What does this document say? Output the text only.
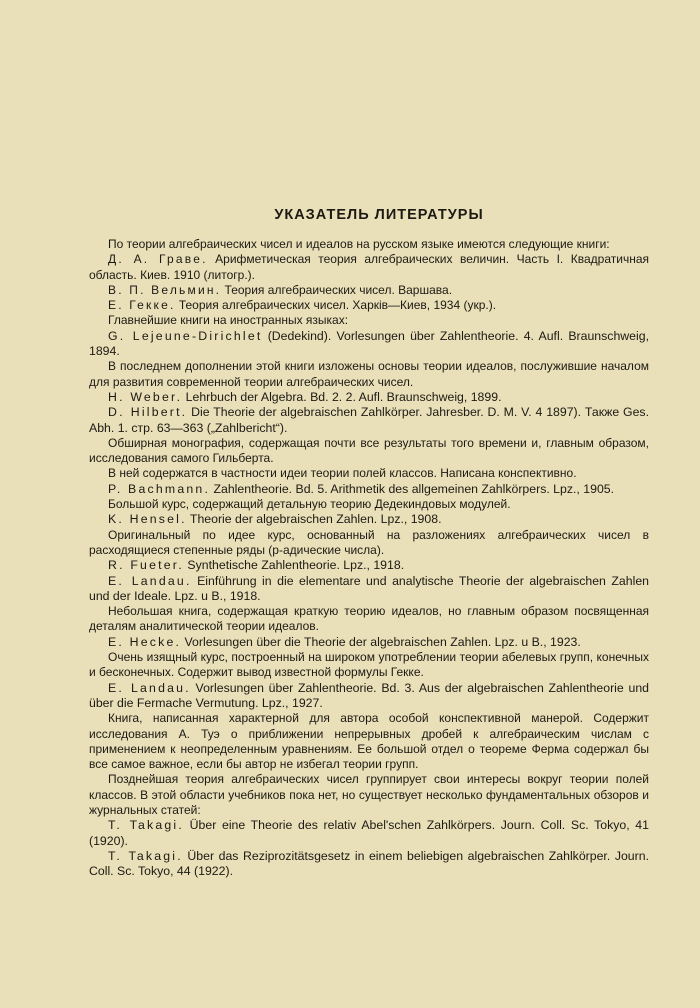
УКАЗАТЕЛЬ ЛИТЕРАТУРЫ

По теории алгебраических чисел и идеалов на русском языке имеются следующие книги:

Д. А. Граве. Арифметическая теория алгебраических величин. Часть I. Квадратичная область. Киев. 1910 (литогр.).

В. П. Вельмин. Теория алгебраических чисел. Варшава.

Е. Гекке. Теория алгебраических чисел. Харків—Киев, 1934 (укр.).

Главнейшие книги на иностранных языках:

G. Lejeune-Dirichlet (Dedekind). Vorlesungen über Zahlentheorie. 4. Aufl. Braunschweig, 1894.

В последнем дополнении этой книги изложены основы теории идеалов, послужившие началом для развития современной теории алгебраических чисел.

H. Weber. Lehrbuch der Algebra. Bd. 2. 2. Aufl. Braunschweig, 1899.

D. Hilbert. Die Theorie der algebraischen Zahlkörper. Jahresber. D. M. V. 4 1897). Также Ges. Abh. 1. стр. 63—363 („Zahlbericht“).

Обширная монография, содержащая почти все результаты того времени и, главным образом, исследования самого Гильберта.

В ней содержатся в частности идеи теории полей классов. Написана конспективно.

P. Bachmann. Zahlentheorie. Bd. 5. Arithmetik des allgemeinen Zahlkörpers. Lpz., 1905.

Большой курс, содержащий детальную теорию Дедекиндовых модулей.

K. Hensel. Theorie der algebraischen Zahlen. Lpz., 1908.

Оригинальный по идее курс, основанный на разложениях алгебраических чисел в расходящиеся степенные ряды (p-адические числа).

R. Fueter. Synthetische Zahlentheorie. Lpz., 1918.

E. Landau. Einführung in die elementare und analytische Theorie der algebraischen Zahlen und der Ideale. Lpz. u B., 1918.

Небольшая книга, содержащая краткую теорию идеалов, но главным образом посвященная деталям аналитической теории идеалов.

E. Hecke. Vorlesungen über die Theorie der algebraischen Zahlen. Lpz. u B., 1923.

Очень изящный курс, построенный на широком употреблении теории абелевых групп, конечных и бесконечных. Содержит вывод известной формулы Гекке.

E. Landau. Vorlesungen über Zahlentheorie. Bd. 3. Aus der algebraischen Zahlentheorie und über die Fermache Vermutung. Lpz., 1927.

Книга, написанная характерной для автора особой конспективной манерой. Содержит исследования А. Туэ о приближении непрерывных дробей к алгебраическим числам с применением к неопределенным уравнениям. Ее большой отдел о теореме Ферма содержал бы все самое важное, если бы автор не избегал теории групп.

Позднейшая теория алгебраических чисел группирует свои интересы вокруг теории полей классов. В этой области учебников пока нет, но существует несколько фундаментальных обзоров и журнальных статей:

T. Takagi. Über eine Theorie des relativ Abel'schen Zahlkörpers. Journ. Coll. Sc. Tokyo, 41 (1920).

T. Takagi. Über das Reziprozitätsgesetz in einem beliebigen algebraischen Zahlkörper. Journ. Coll. Sc. Tokyo, 44 (1922).
